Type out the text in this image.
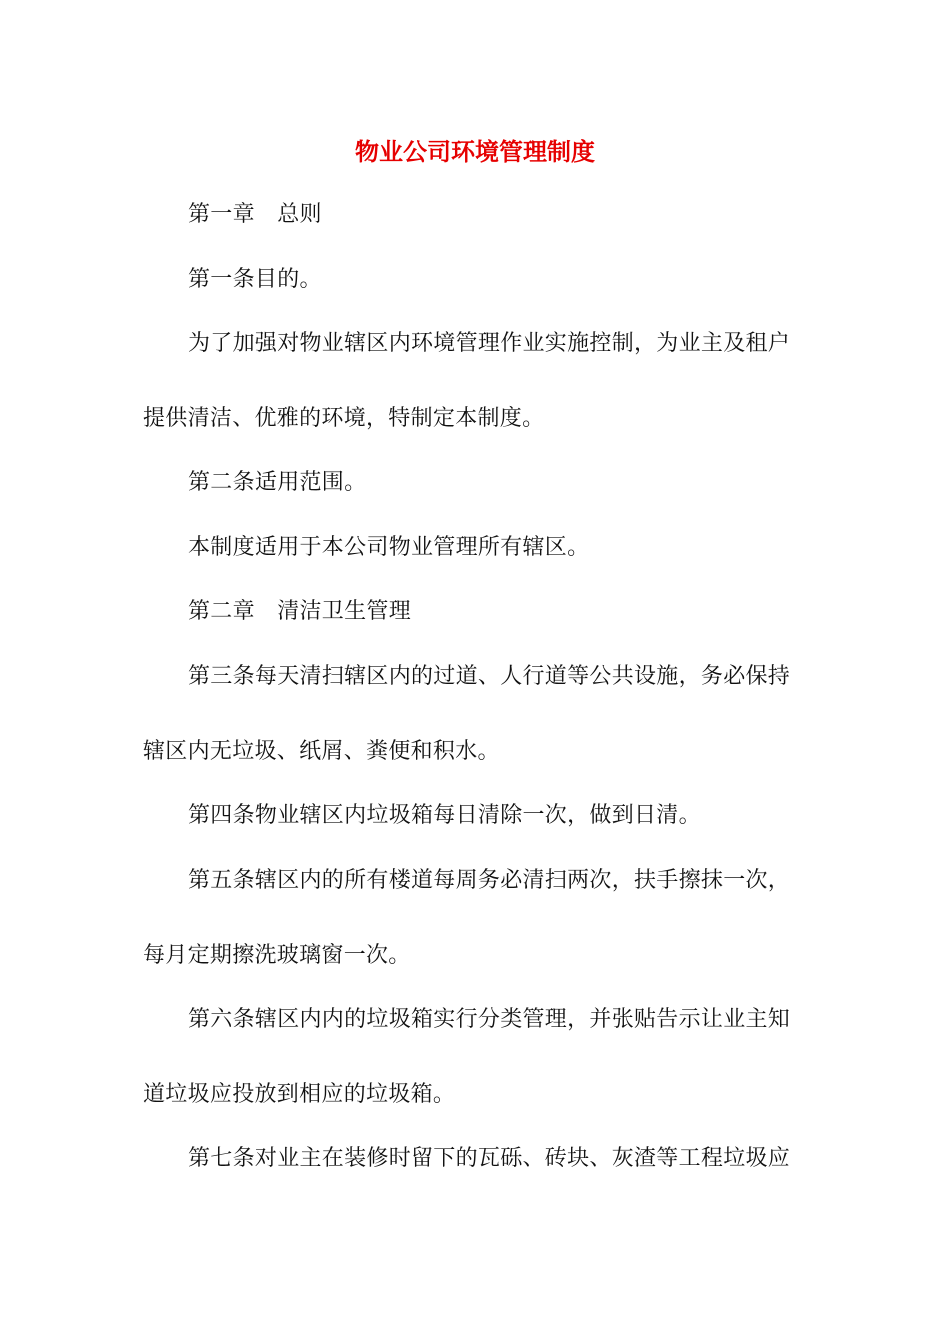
物业公司环境管理制度
第一章　总则
第一条目的。
为了加强对物业辖区内环境管理作业实施控制，为业主及租户
提供清洁、优雅的环境，特制定本制度。
第二条适用范围。
本制度适用于本公司物业管理所有辖区。
第二章　清洁卫生管理
第三条每天清扫辖区内的过道、人行道等公共设施，务必保持
辖区内无垃圾、纸屑、粪便和积水。
第四条物业辖区内垃圾箱每日清除一次，做到日清。
第五条辖区内的所有楼道每周务必清扫两次，扶手擦抹一次，
每月定期擦洗玻璃窗一次。
第六条辖区内内的垃圾箱实行分类管理，并张贴告示让业主知
道垃圾应投放到相应的垃圾箱。
第七条对业主在装修时留下的瓦砾、砖块、灰渣等工程垃圾应
